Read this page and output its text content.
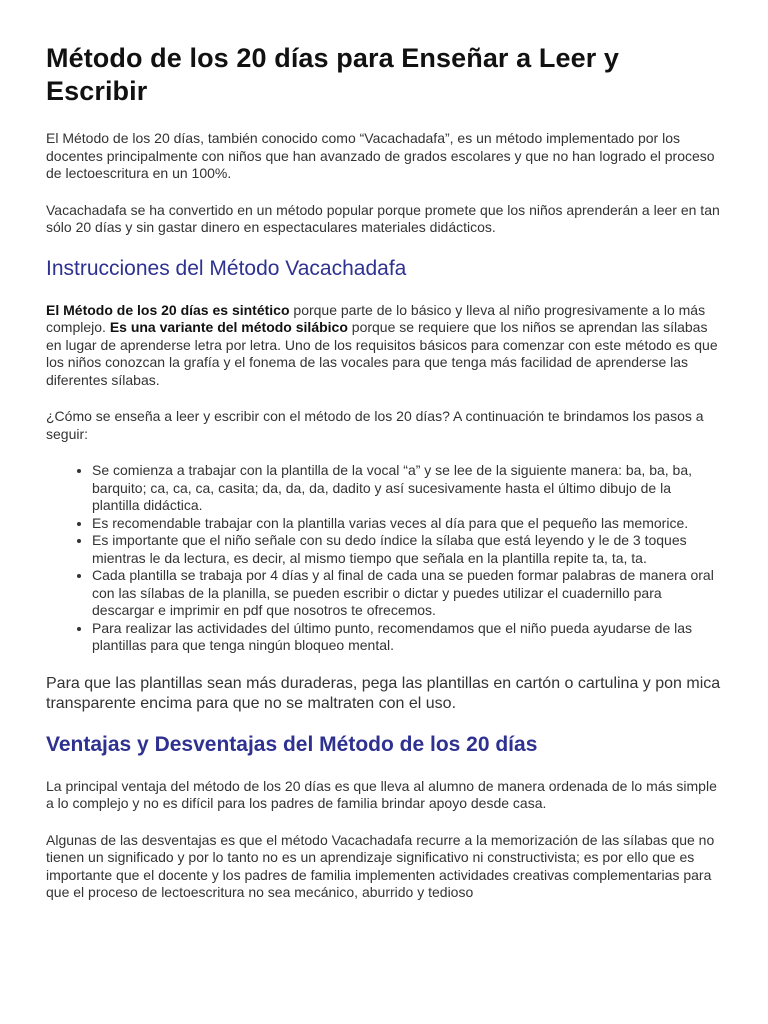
Método de los 20 días para Enseñar a Leer y Escribir

El Método de los 20 días, también conocido como “Vacachadafa”, es un método implementado por los docentes principalmente con niños que han avanzado de grados escolares y que no han logrado el proceso de lectoescritura en un 100%.

Vacachadafa se ha convertido en un método popular porque promete que los niños aprenderán a leer en tan sólo 20 días y sin gastar dinero en espectaculares materiales didácticos.

Instrucciones del Método Vacachadafa

El Método de los 20 días es sintético porque parte de lo básico y lleva al niño progresivamente a lo más complejo. Es una variante del método silábico porque se requiere que los niños se aprendan las sílabas en lugar de aprenderse letra por letra. Uno de los requisitos básicos para comenzar con este método es que los niños conozcan la grafía y el fonema de las vocales para que tenga más facilidad de aprenderse las diferentes sílabas.

¿Cómo se enseña a leer y escribir con el método de los 20 días? A continuación te brindamos los pasos a seguir:

• Se comienza a trabajar con la plantilla de la vocal “a” y se lee de la siguiente manera: ba, ba, ba, barquito; ca, ca, ca, casita; da, da, da, dadito y así sucesivamente hasta el último dibujo de la plantilla didáctica.
• Es recomendable trabajar con la plantilla varias veces al día para que el pequeño las memorice.
• Es importante que el niño señale con su dedo índice la sílaba que está leyendo y le de 3 toques mientras le da lectura, es decir, al mismo tiempo que señala en la plantilla repite ta, ta, ta.
• Cada plantilla se trabaja por 4 días y al final de cada una se pueden formar palabras de manera oral con las sílabas de la planilla, se pueden escribir o dictar y puedes utilizar el cuadernillo para descargar e imprimir en pdf que nosotros te ofrecemos.
• Para realizar las actividades del último punto, recomendamos que el niño pueda ayudarse de las plantillas para que tenga ningún bloqueo mental.

Para que las plantillas sean más duraderas, pega las plantillas en cartón o cartulina y pon mica transparente encima para que no se maltraten con el uso.

Ventajas y Desventajas del Método de los 20 días

La principal ventaja del método de los 20 días es que lleva al alumno de manera ordenada de lo más simple a lo complejo y no es difícil para los padres de familia brindar apoyo desde casa.

Algunas de las desventajas es que el método Vacachadafa recurre a la memorización de las sílabas que no tienen un significado y por lo tanto no es un aprendizaje significativo ni constructivista; es por ello que es importante que el docente y los padres de familia implementen actividades creativas complementarias para que el proceso de lectoescritura no sea mecánico, aburrido y tedioso
